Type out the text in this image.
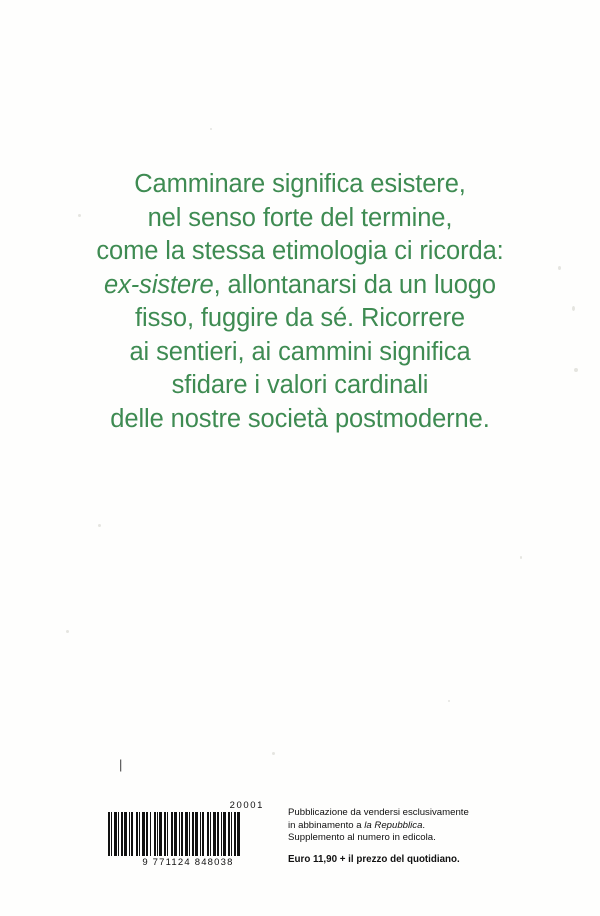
Camminare significa esistere,
nel senso forte del termine,
come la stessa etimologia ci ricorda:
ex-sistere, allontanarsi da un luogo
fisso, fuggire da sé. Ricorrere
ai sentieri, ai cammini significa
sfidare i valori cardinali
delle nostre società postmoderne.
|
20001
9 771124 848038
Pubblicazione da vendersi esclusivamente
in abbinamento a la Repubblica.
Supplemento al numero in edicola.
Euro 11,90 + il prezzo del quotidiano.
